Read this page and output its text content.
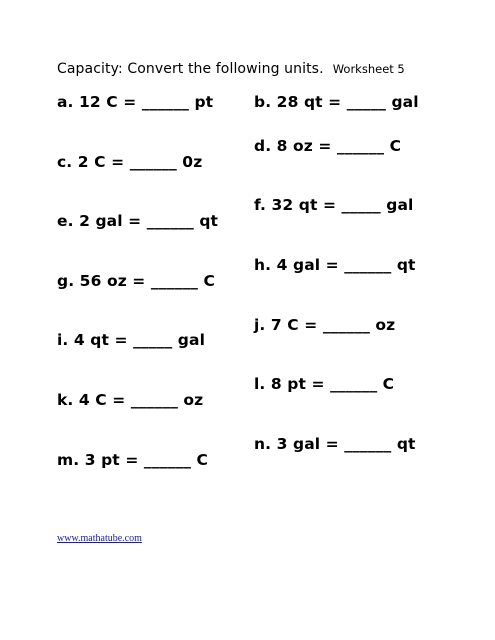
Capacity: Convert the following units. Worksheet 5
a. 12 C = ______ pt
c. 2 C = ______ 0z
e. 2 gal = ______ qt
g. 56 oz = ______ C
i. 4 qt = _____ gal
k. 4 C = ______ oz
m. 3 pt = ______ C
b. 28 qt = _____ gal
d. 8 oz = ______ C
f. 32 qt = _____ gal
h. 4 gal = ______ qt
j. 7 C = ______ oz
l. 8 pt = ______ C
n. 3 gal = ______ qt
www.mathatube.com
